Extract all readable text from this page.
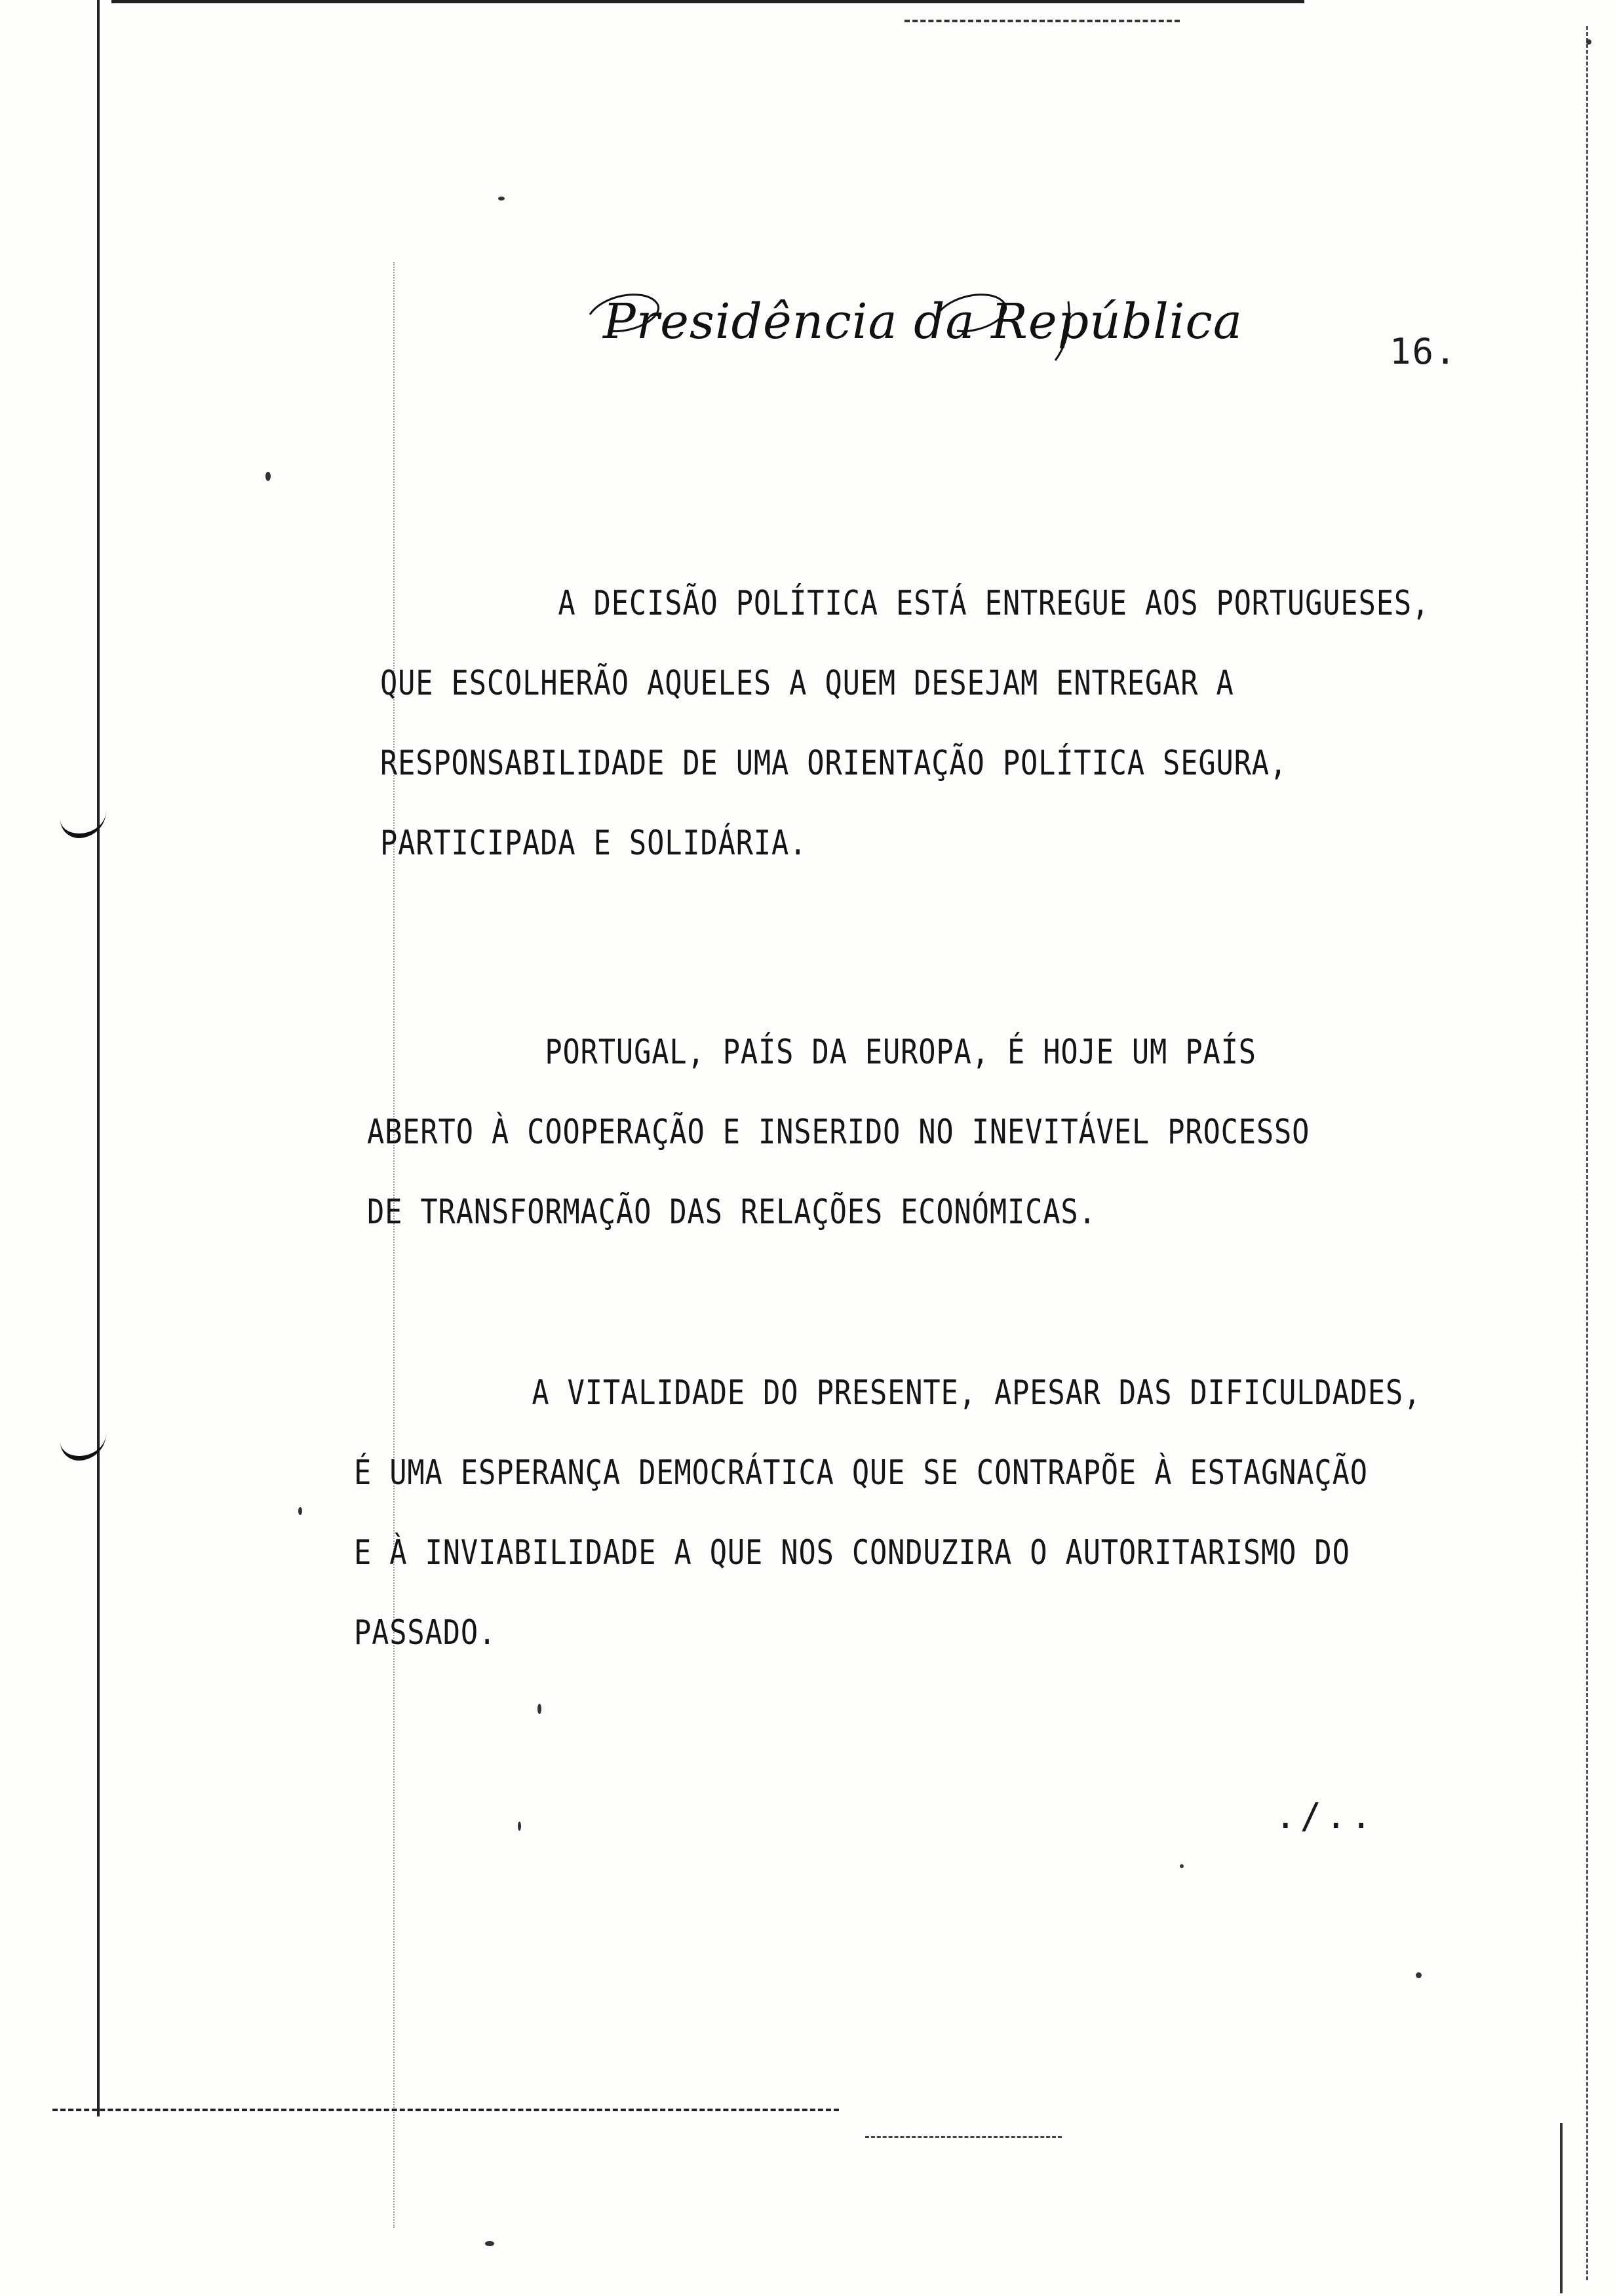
Presidência da República
16.
A DECISÃO POLÍTICA ESTÁ ENTREGUE AOS PORTUGUESES,
QUE ESCOLHERÃO AQUELES A QUEM DESEJAM ENTREGAR A
RESPONSABILIDADE DE UMA ORIENTAÇÃO POLÍTICA SEGURA,
PARTICIPADA E SOLIDÁRIA.
PORTUGAL, PAÍS DA EUROPA, É HOJE UM PAÍS
ABERTO À COOPERAÇÃO E INSERIDO NO INEVITÁVEL PROCESSO
DE TRANSFORMAÇÃO DAS RELAÇÕES ECONÓMICAS.
A VITALIDADE DO PRESENTE, APESAR DAS DIFICULDADES,
É UMA ESPERANÇA DEMOCRÁTICA QUE SE CONTRAPÕE À ESTAGNAÇÃO
E À INVIABILIDADE A QUE NOS CONDUZIRA O AUTORITARISMO DO
PASSADO.
./..
